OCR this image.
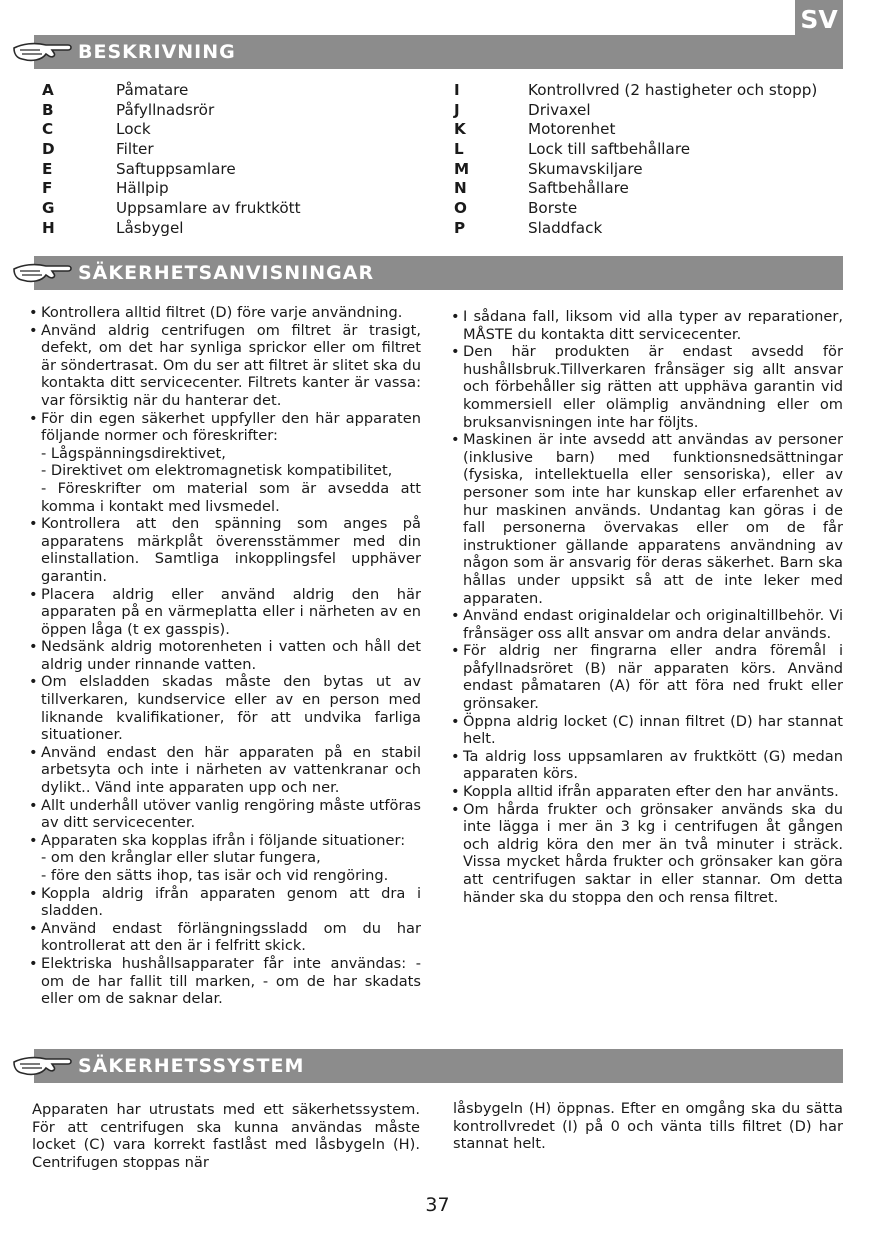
SV
BESKRIVNING
A	Påmatare
B	Påfyllnadsrör
C	Lock
D	Filter
E	Saftuppsamlare
F	Hällpip
G	Uppsamlare av fruktkött
H	Låsbygel
I	Kontrollvred (2 hastigheter och stopp)
J	Drivaxel
K	Motorenhet
L	Lock till saftbehållare
M	Skumavskiljare
N	Saftbehållare
O	Borste
P	Sladdfack
SÄKERHETSANVISNINGAR
• Kontrollera alltid filtret (D) före varje användning.

• Använd aldrig centrifugen om filtret är trasigt, defekt, om det har synliga sprickor eller om filtret är söndertrasat. Om du ser att filtret är slitet ska du kontakta ditt servicecenter. Filtrets kanter är vassa: var försiktig när du hanterar det.

• För din egen säkerhet uppfyller den här apparaten följande normer och föreskrifter:

- Lågspänningsdirektivet,

- Direktivet om elektromagnetisk kompatibilitet,

- Föreskrifter om material som är avsedda att komma i kontakt med livsmedel.

• Kontrollera att den spänning som anges på apparatens märkplåt överensstämmer med din elinstallation. Samtliga inkopplingsfel upphäver garantin.

• Placera aldrig eller använd aldrig den här apparaten på en värmeplatta eller i närheten av en öppen låga (t ex gasspis).

• Nedsänk aldrig motorenheten i vatten och håll det aldrig under rinnande vatten.

• Om elsladden skadas måste den bytas ut av tillverkaren, kundservice eller av en person med liknande kvalifikationer, för att undvika farliga situationer.

• Använd endast den här apparaten på en stabil arbetsyta och inte i närheten av vattenkranar och dylikt.. Vänd inte apparaten upp och ner.

• Allt underhåll utöver vanlig rengöring måste utföras av ditt servicecenter.

• Apparaten ska kopplas ifrån i följande situationer:

- om den krånglar eller slutar fungera,

- före den sätts ihop, tas isär och vid rengöring.

• Koppla aldrig ifrån apparaten genom att dra i sladden.

• Använd endast förlängningssladd om du har kontrollerat att den är i felfritt skick.

• Elektriska hushållsapparater får inte användas: - om de har fallit till marken, - om de har skadats eller om de saknar delar.

• I sådana fall, liksom vid alla typer av reparationer, MÅSTE du kontakta ditt servicecenter.

• Den här produkten är endast avsedd för hushållsbruk.Tillverkaren frånsäger sig allt ansvar och förbehåller sig rätten att upphäva garantin vid kommersiell eller olämplig användning eller om bruksanvisningen inte har följts.

• Maskinen är inte avsedd att användas av personer (inklusive barn) med funktionsnedsättningar (fysiska, intellektuella eller sensoriska), eller av personer som inte har kunskap eller erfarenhet av hur maskinen används. Undantag kan göras i de fall personerna övervakas eller om de får instruktioner gällande apparatens användning av någon som är ansvarig för deras säkerhet. Barn ska hållas under uppsikt så att de inte leker med apparaten.

• Använd endast originaldelar och originaltillbehör. Vi frånsäger oss allt ansvar om andra delar används.

• För aldrig ner fingrarna eller andra föremål i påfyllnadsröret (B) när apparaten körs. Använd endast påmataren (A) för att föra ned frukt eller grönsaker.

• Öppna aldrig locket (C) innan filtret (D) har stannat helt.

• Ta aldrig loss uppsamlaren av fruktkött (G) medan apparaten körs.

• Koppla alltid ifrån apparaten efter den har använts.

• Om hårda frukter och grönsaker används ska du inte lägga i mer än 3 kg i centrifugen åt gången och aldrig köra den mer än två minuter i sträck. Vissa mycket hårda frukter och grönsaker kan göra att centrifugen saktar in eller stannar. Om detta händer ska du stoppa den och rensa filtret.

SÄKERHETSSYSTEM

Apparaten har utrustats med ett säkerhetssystem. För att centrifugen ska kunna användas måste locket (C) vara korrekt fastlåst med låsbygeln (H). Centrifugen stoppas när

låsbygeln (H) öppnas. Efter en omgång ska du sätta kontrollvredet (I) på 0 och vänta tills filtret (D) har stannat helt.

37
